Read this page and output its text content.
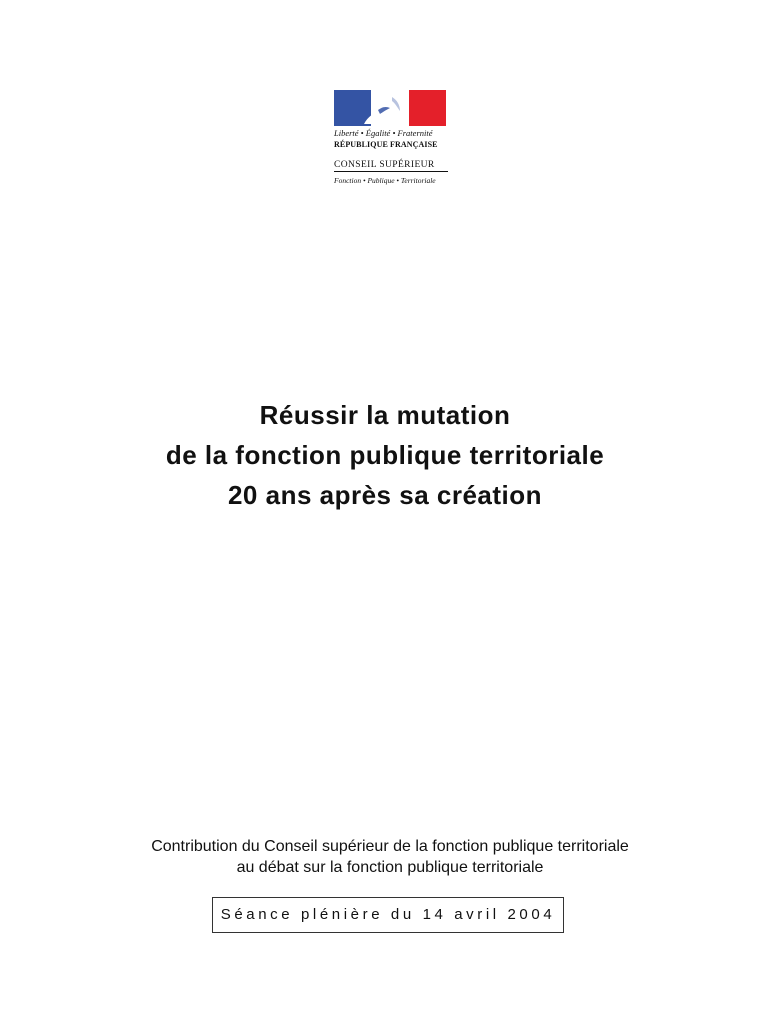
Liberté • Égalité • Fraternité
RÉPUBLIQUE FRANÇAISE
CONSEIL SUPÉRIEUR
Fonction • Publique • Territoriale
Réussir la mutation
de la fonction publique territoriale
20 ans après sa création
Contribution du Conseil supérieur de la fonction publique territoriale
au débat sur la fonction publique territoriale
Séance plénière du 14 avril 2004
